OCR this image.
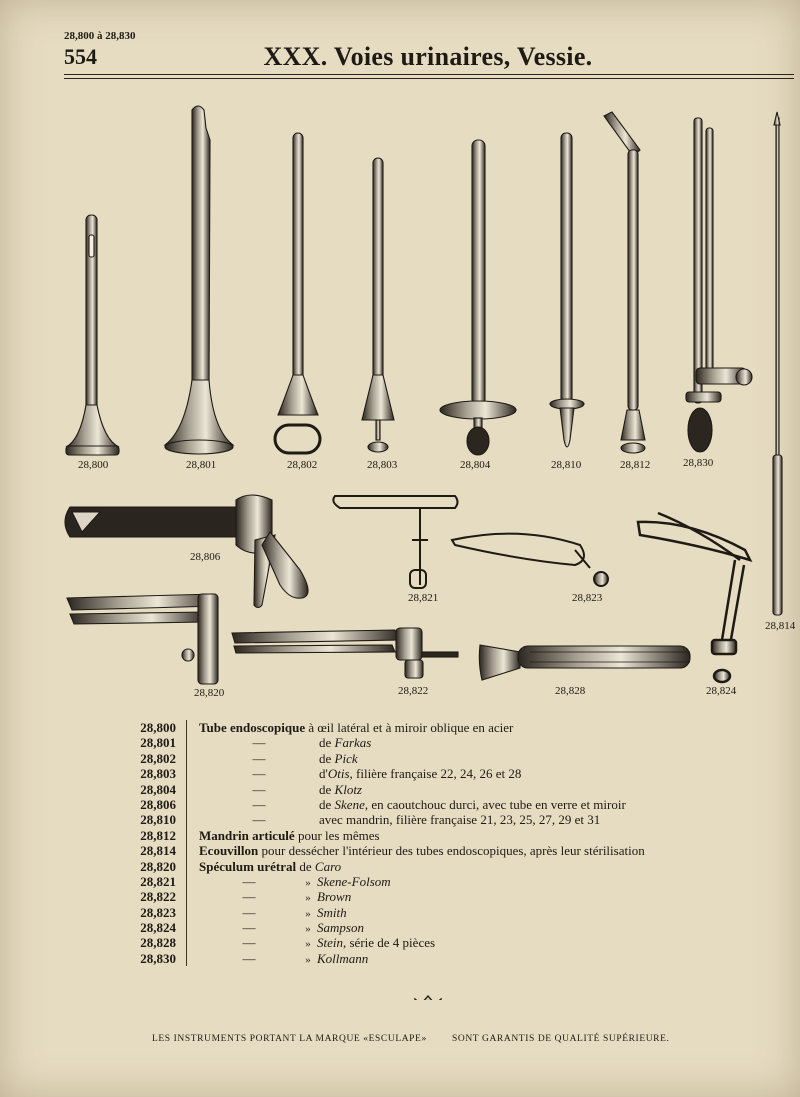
28,800 à 28,830
554	XXX. Voies urinaires, Vessie.
28,800	28,801	28,802	28,803	28,804	28,810	28,812	28,830
28,806
28,821	28,823
28,814
28,820	28,822	28,828	28,824
28,800	Tube endoscopique à œil latéral et à miroir oblique en acier
28,801	—	de Farkas
28,802	—	de Pick
28,803	—	d'Otis, filière française 22, 24, 26 et 28
28,804	—	de Klotz
28,806	—	de Skene, en caoutchouc durci, avec tube en verre et miroir
28,810	—	avec mandrin, filière française 21, 23, 25, 27, 29 et 31
28,812	Mandrin articulé pour les mêmes
28,814	Ecouvillon pour dessécher l'intérieur des tubes endoscopiques, après leur stérilisation
28,820	Spéculum urétral de Caro
28,821	—	» Skene-Folsom
28,822	—	» Brown
28,823	—	» Smith
28,824	—	» Sampson
28,828	—	» Stein, série de 4 pièces
28,830	—	» Kollmann
LES INSTRUMENTS PORTANT LA MARQUE «ESCULAPE»	SONT GARANTIS DE QUALITÉ SUPÉRIEURE.
